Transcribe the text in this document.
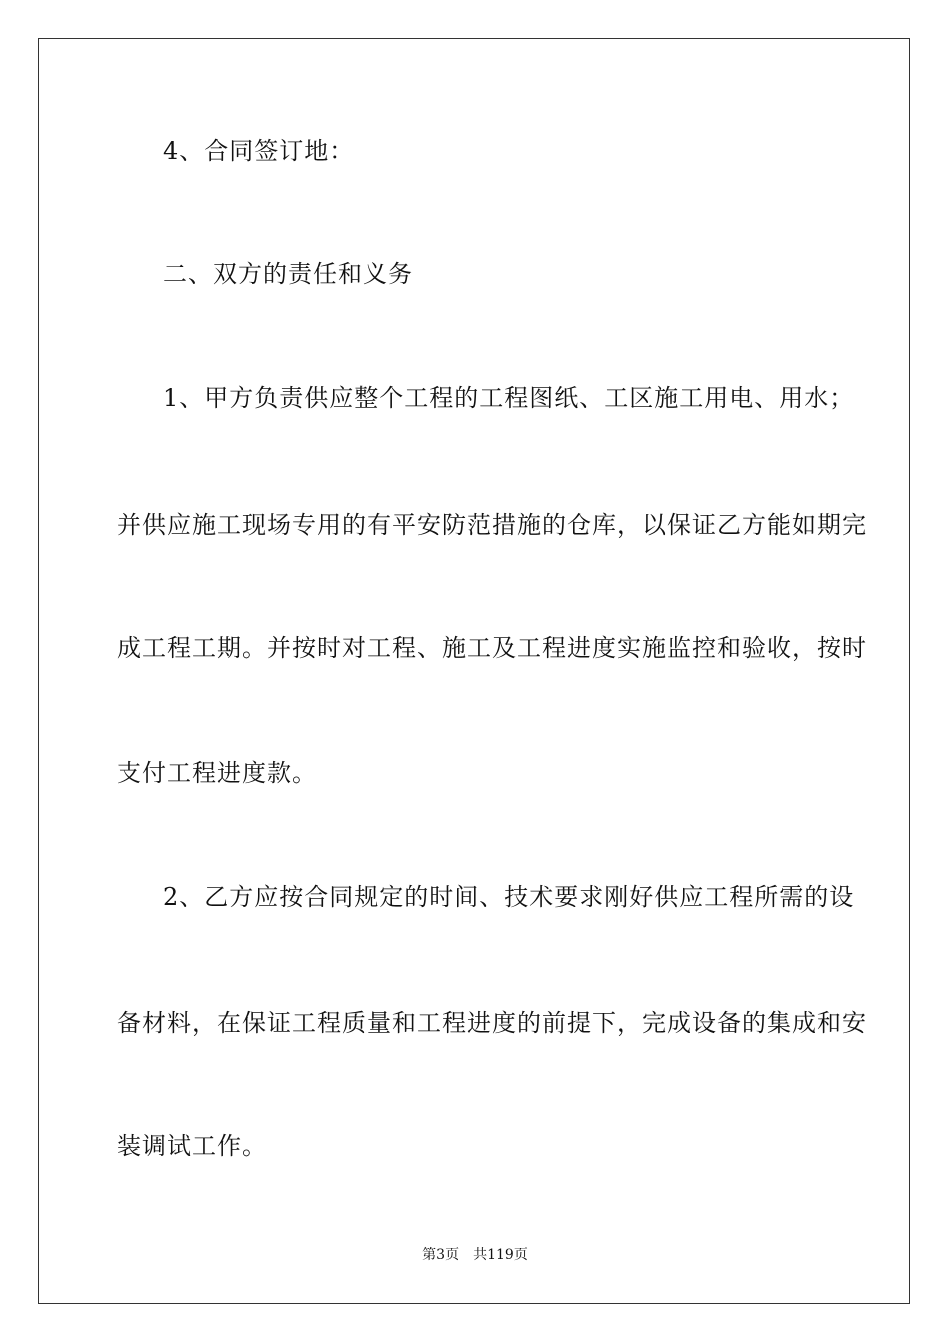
4、合同签订地：
二、双方的责任和义务
1、甲方负责供应整个工程的工程图纸、工区施工用电、用水；
并供应施工现场专用的有平安防范措施的仓库，以保证乙方能如期完
成工程工期。并按时对工程、施工及工程进度实施监控和验收，按时
支付工程进度款。
2、乙方应按合同规定的时间、技术要求刚好供应工程所需的设
备材料，在保证工程质量和工程进度的前提下，完成设备的集成和安
装调试工作。
第3页 共119页
